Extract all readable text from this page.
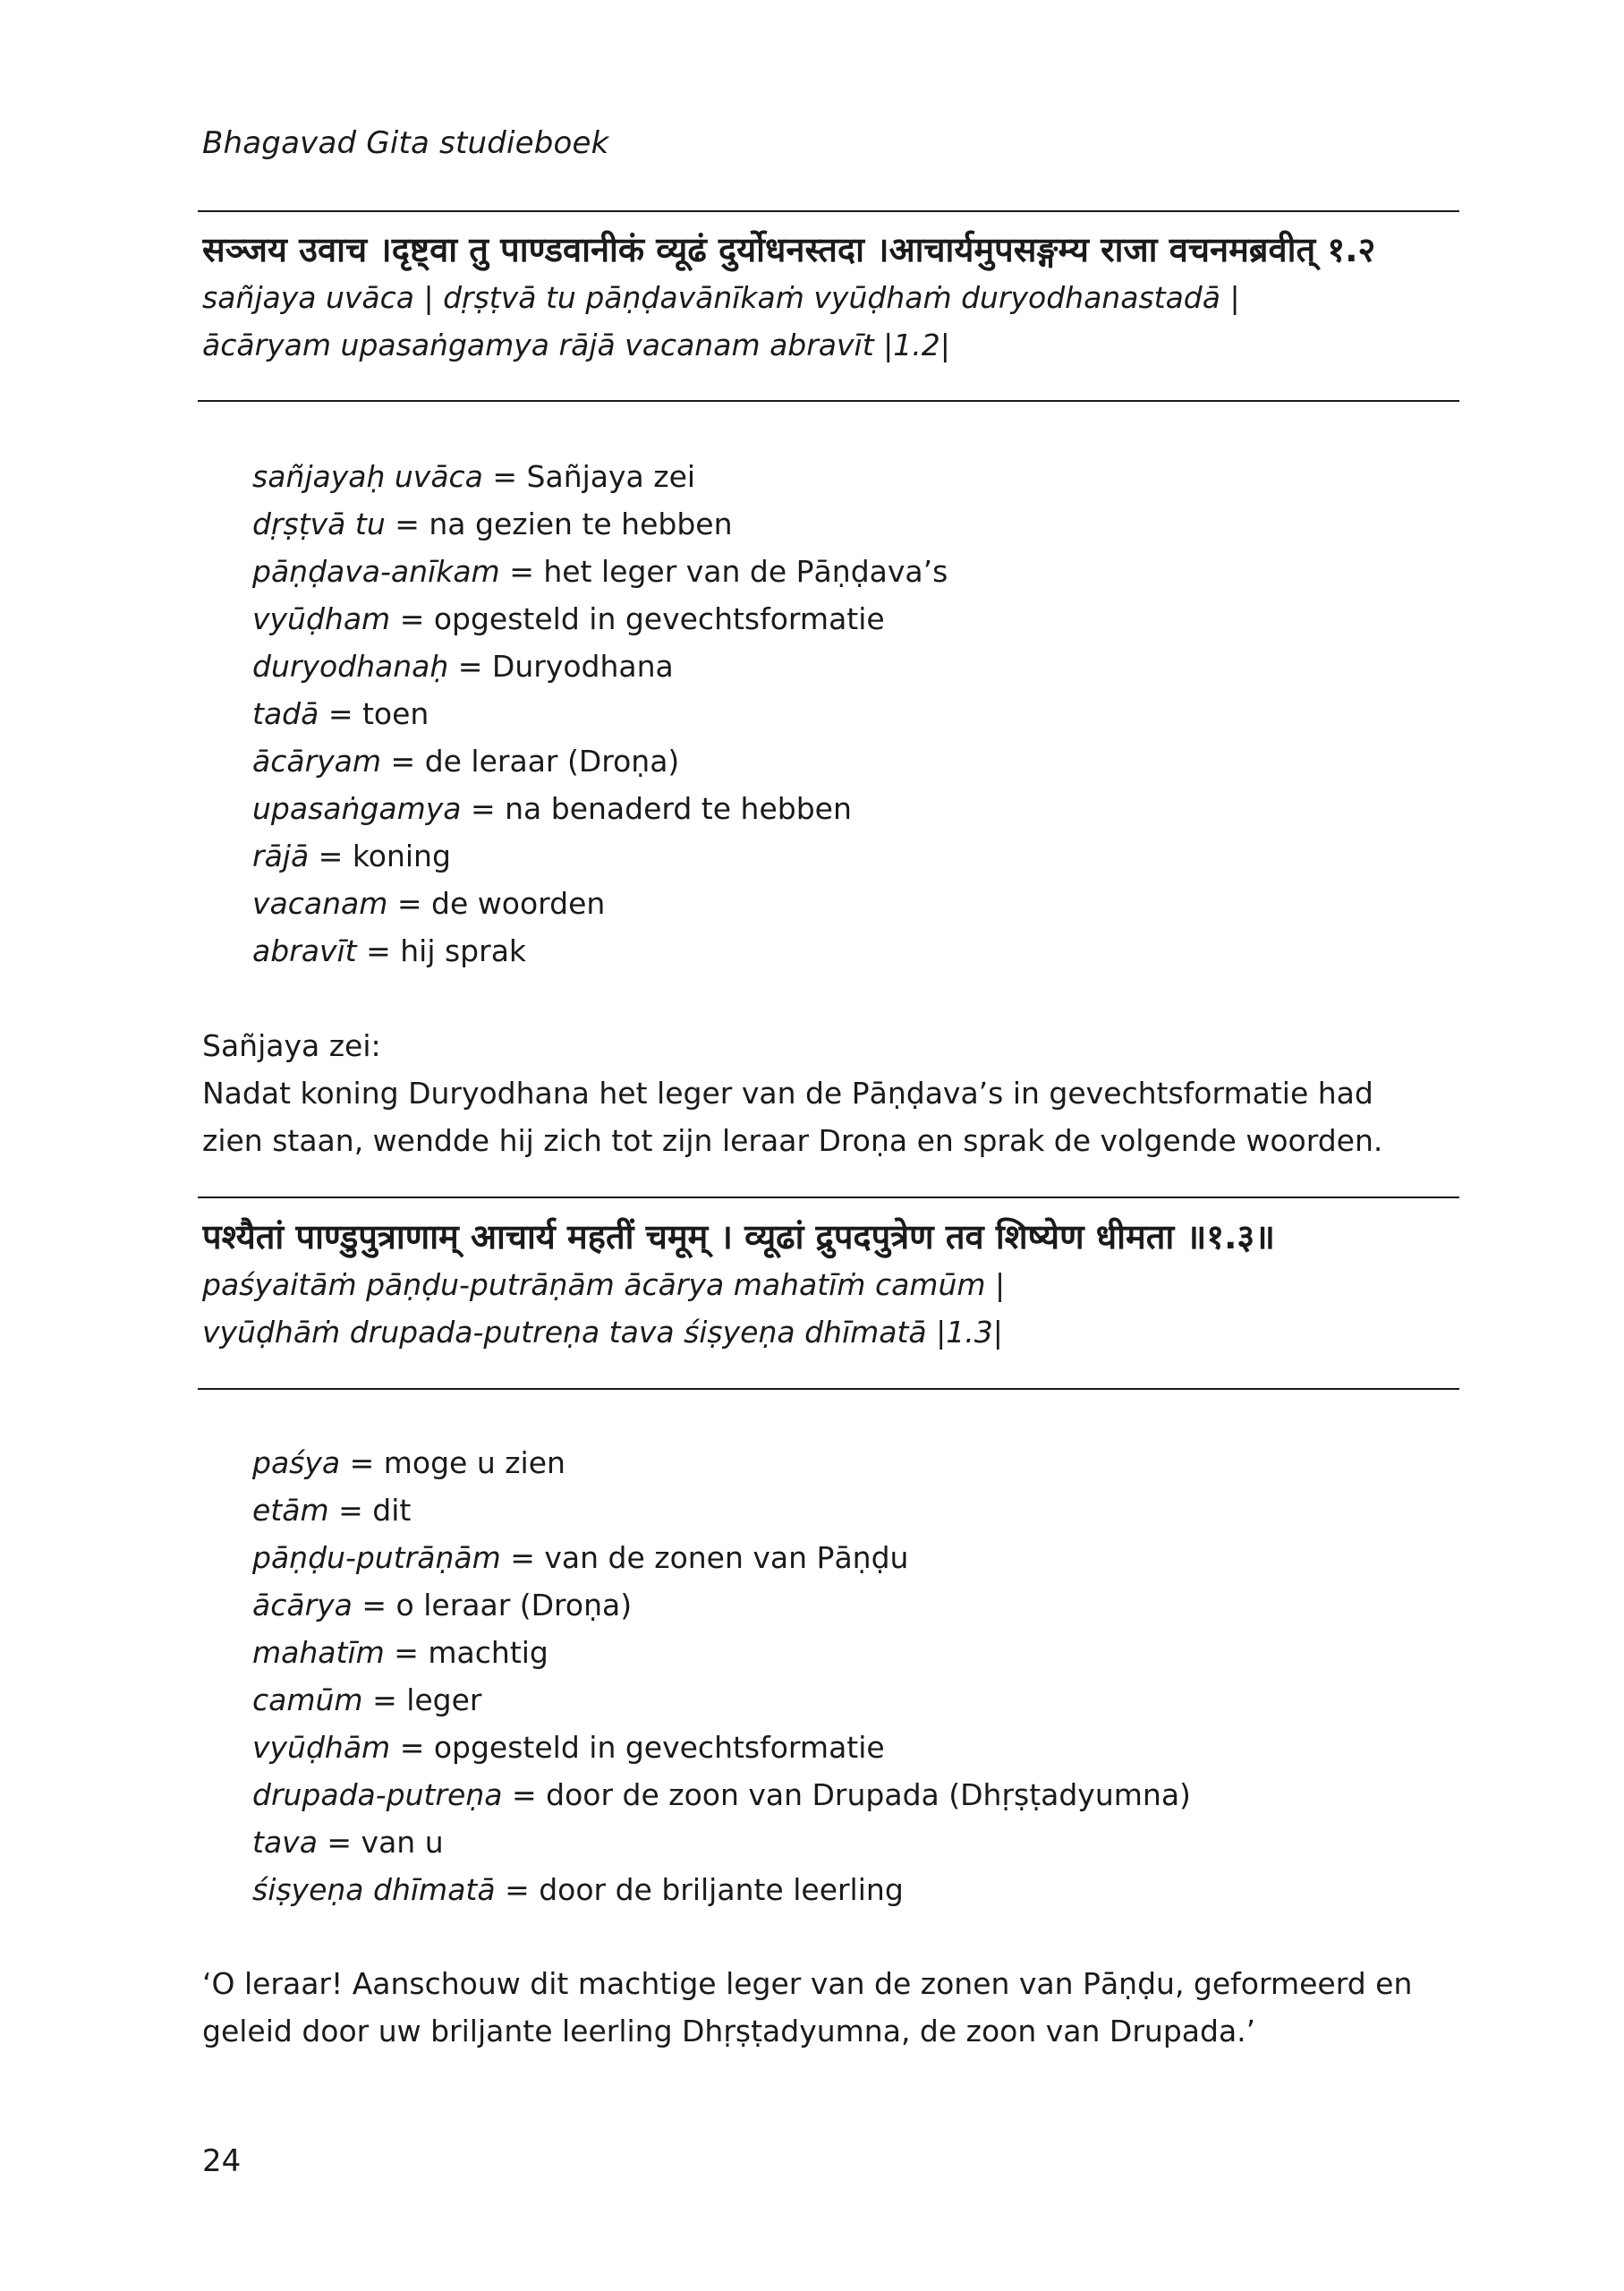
Bhagavad Gita studieboek
सञ्जय उवाच ।दृष्ट्वा तु पाण्डवानीकं व्यूढं दुर्योधनस्तदा ।आचार्यमुपसङ्गम्य राजा वचनमब्रवीत् १.२
sañjaya uvāca | dṛṣṭvā tu pāṇḍavānīkaṁ vyūḍhaṁ duryodhanastadā |
ācāryam upasaṅgamya rājā vacanam abravīt |1.2|
sañjayaḥ uvāca = Sañjaya zei
dṛṣṭvā tu = na gezien te hebben
pāṇḍava-anīkam = het leger van de Pāṇḍava’s
vyūḍham = opgesteld in gevechtsformatie
duryodhanaḥ = Duryodhana
tadā = toen
ācāryam = de leraar (Droṇa)
upasaṅgamya = na benaderd te hebben
rājā = koning
vacanam = de woorden
abravīt = hij sprak

Sañjaya zei:

Nadat koning Duryodhana het leger van de Pāṇḍava’s in gevechtsformatie had

zien staan, wendde hij zich tot zijn leraar Droṇa en sprak de volgende woorden.

पश्यैतां पाण्डुपुत्राणाम् आचार्य महतीं चमूम् । व्यूढां द्रुपदपुत्रेण तव शिष्येण धीमता ॥१.३॥
paśyaitāṁ pāṇḍu-putrāṇām ācārya mahatīṁ camūm |
vyūḍhāṁ drupada-putreṇa tava śiṣyeṇa dhīmatā |1.3|
paśya = moge u zien
etām = dit
pāṇḍu-putrāṇām = van de zonen van Pāṇḍu
ācārya = o leraar (Droṇa)
mahatīm = machtig
camūm = leger
vyūḍhām = opgesteld in gevechtsformatie
drupada-putreṇa = door de zoon van Drupada (Dhṛṣṭadyumna)
tava = van u
śiṣyeṇa dhīmatā = door de briljante leerling

‘O leraar! Aanschouw dit machtige leger van de zonen van Pāṇḍu, geformeerd en

geleid door uw briljante leerling Dhṛṣṭadyumna, de zoon van Drupada.’

24
